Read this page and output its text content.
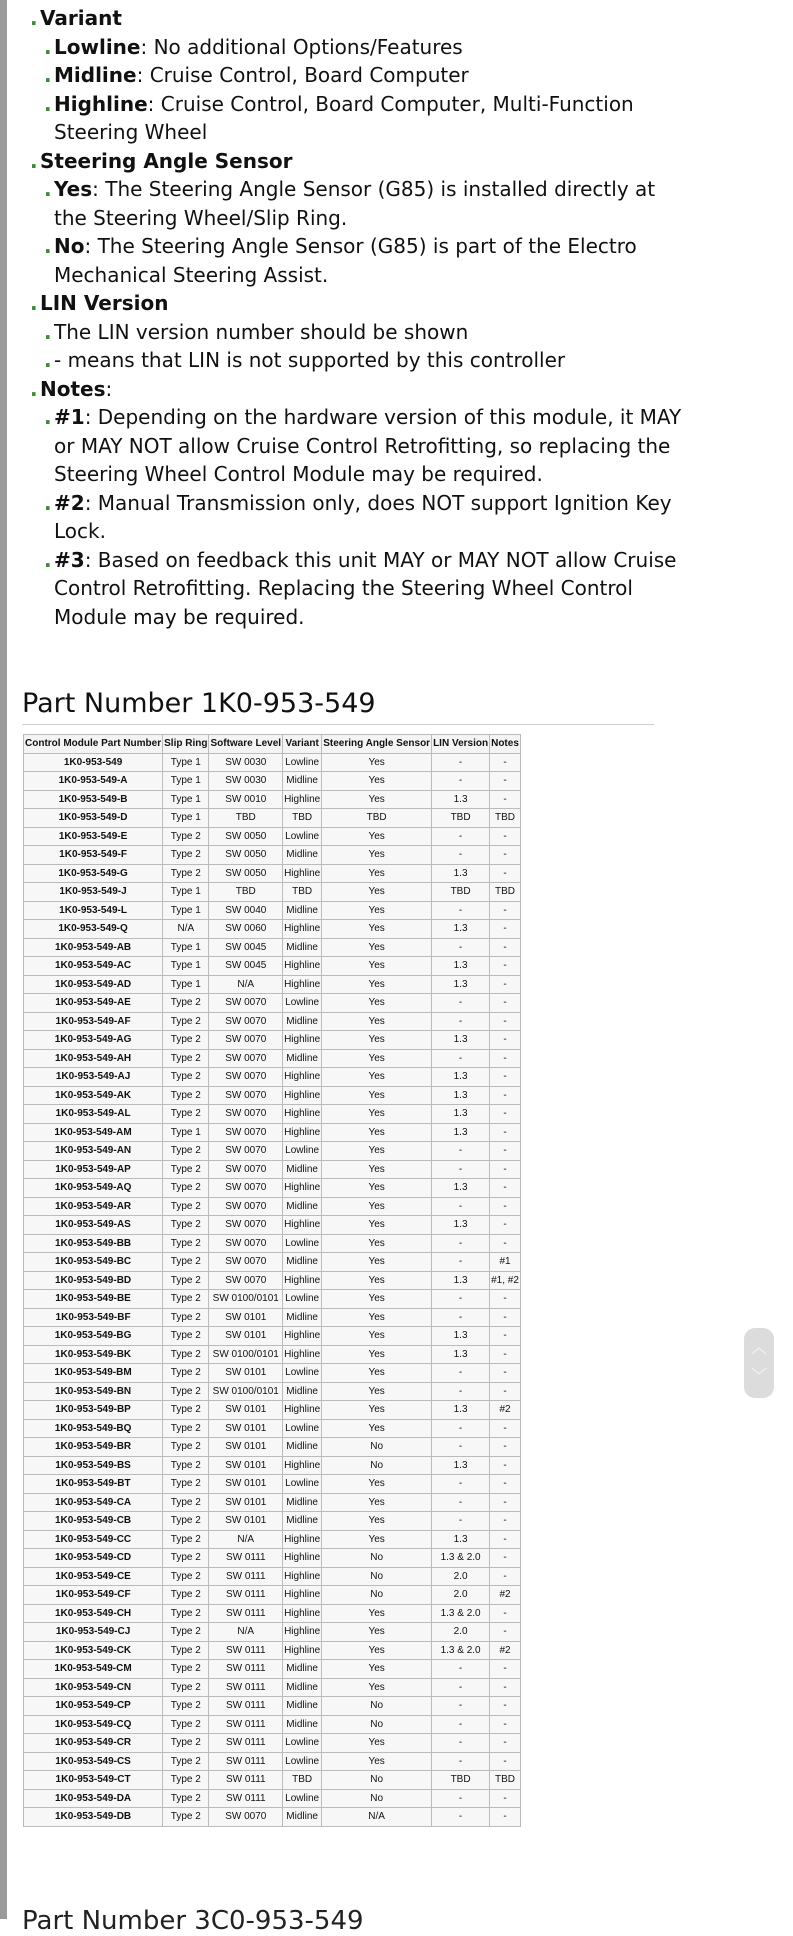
. Variant
. Lowline: No additional Options/Features
. Midline: Cruise Control, Board Computer
. Highline: Cruise Control, Board Computer, Multi-Function Steering Wheel
. Steering Angle Sensor
. Yes: The Steering Angle Sensor (G85) is installed directly at the Steering Wheel/Slip Ring.
. No: The Steering Angle Sensor (G85) is part of the Electro Mechanical Steering Assist.
. LIN Version
. The LIN version number should be shown
. - means that LIN is not supported by this controller
. Notes:
. #1: Depending on the hardware version of this module, it MAY or MAY NOT allow Cruise Control Retrofitting, so replacing the Steering Wheel Control Module may be required.
. #2: Manual Transmission only, does NOT support Ignition Key Lock.
. #3: Based on feedback this unit MAY or MAY NOT allow Cruise Control Retrofitting. Replacing the Steering Wheel Control Module may be required.
Part Number 1K0-953-549
Control Module Part Number	Slip Ring	Software Level	Variant	Steering Angle Sensor	LIN Version	Notes
1K0-953-549	Type 1	SW 0030	Lowline	Yes	-	-
1K0-953-549-A	Type 1	SW 0030	Midline	Yes	-	-
1K0-953-549-B	Type 1	SW 0010	Highline	Yes	1.3	-
1K0-953-549-D	Type 1	TBD	TBD	TBD	TBD	TBD
1K0-953-549-E	Type 2	SW 0050	Lowline	Yes	-	-
1K0-953-549-F	Type 2	SW 0050	Midline	Yes	-	-
1K0-953-549-G	Type 2	SW 0050	Highline	Yes	1.3	-
1K0-953-549-J	Type 1	TBD	TBD	Yes	TBD	TBD
1K0-953-549-L	Type 1	SW 0040	Midline	Yes	-	-
1K0-953-549-Q	N/A	SW 0060	Highline	Yes	1.3	-
1K0-953-549-AB	Type 1	SW 0045	Midline	Yes	-	-
1K0-953-549-AC	Type 1	SW 0045	Highline	Yes	1.3	-
1K0-953-549-AD	Type 1	N/A	Highline	Yes	1.3	-
1K0-953-549-AE	Type 2	SW 0070	Lowline	Yes	-	-
1K0-953-549-AF	Type 2	SW 0070	Midline	Yes	-	-
1K0-953-549-AG	Type 2	SW 0070	Highline	Yes	1.3	-
1K0-953-549-AH	Type 2	SW 0070	Midline	Yes	-	-
1K0-953-549-AJ	Type 2	SW 0070	Highline	Yes	1.3	-
1K0-953-549-AK	Type 2	SW 0070	Highline	Yes	1.3	-
1K0-953-549-AL	Type 2	SW 0070	Highline	Yes	1.3	-
1K0-953-549-AM	Type 1	SW 0070	Highline	Yes	1.3	-
1K0-953-549-AN	Type 2	SW 0070	Lowline	Yes	-	-
1K0-953-549-AP	Type 2	SW 0070	Midline	Yes	-	-
1K0-953-549-AQ	Type 2	SW 0070	Highline	Yes	1.3	-
1K0-953-549-AR	Type 2	SW 0070	Midline	Yes	-	-
1K0-953-549-AS	Type 2	SW 0070	Highline	Yes	1.3	-
1K0-953-549-BB	Type 2	SW 0070	Lowline	Yes	-	-
1K0-953-549-BC	Type 2	SW 0070	Midline	Yes	-	#1
1K0-953-549-BD	Type 2	SW 0070	Highline	Yes	1.3	#1, #2
1K0-953-549-BE	Type 2	SW 0100/0101	Lowline	Yes	-	-
1K0-953-549-BF	Type 2	SW 0101	Midline	Yes	-	-
1K0-953-549-BG	Type 2	SW 0101	Highline	Yes	1.3	-
1K0-953-549-BK	Type 2	SW 0100/0101	Highline	Yes	1.3	-
1K0-953-549-BM	Type 2	SW 0101	Lowline	Yes	-	-
1K0-953-549-BN	Type 2	SW 0100/0101	Midline	Yes	-	-
1K0-953-549-BP	Type 2	SW 0101	Highline	Yes	1.3	#2
1K0-953-549-BQ	Type 2	SW 0101	Lowline	Yes	-	-
1K0-953-549-BR	Type 2	SW 0101	Midline	No	-	-
1K0-953-549-BS	Type 2	SW 0101	Highline	No	1.3	-
1K0-953-549-BT	Type 2	SW 0101	Lowline	Yes	-	-
1K0-953-549-CA	Type 2	SW 0101	Midline	Yes	-	-
1K0-953-549-CB	Type 2	SW 0101	Midline	Yes	-	-
1K0-953-549-CC	Type 2	N/A	Highline	Yes	1.3	-
1K0-953-549-CD	Type 2	SW 0111	Highline	No	1.3 & 2.0	-
1K0-953-549-CE	Type 2	SW 0111	Highline	No	2.0	-
1K0-953-549-CF	Type 2	SW 0111	Highline	No	2.0	#2
1K0-953-549-CH	Type 2	SW 0111	Highline	Yes	1.3 & 2.0	-
1K0-953-549-CJ	Type 2	N/A	Highline	Yes	2.0	-
1K0-953-549-CK	Type 2	SW 0111	Highline	Yes	1.3 & 2.0	#2
1K0-953-549-CM	Type 2	SW 0111	Midline	Yes	-	-
1K0-953-549-CN	Type 2	SW 0111	Midline	Yes	-	-
1K0-953-549-CP	Type 2	SW 0111	Midline	No	-	-
1K0-953-549-CQ	Type 2	SW 0111	Midline	No	-	-
1K0-953-549-CR	Type 2	SW 0111	Lowline	Yes	-	-
1K0-953-549-CS	Type 2	SW 0111	Lowline	Yes	-	-
1K0-953-549-CT	Type 2	SW 0111	TBD	No	TBD	TBD
1K0-953-549-DA	Type 2	SW 0111	Lowline	No	-	-
1K0-953-549-DB	Type 2	SW 0070	Midline	N/A	-	-
Part Number 3C0-953-549
︿
﹀
